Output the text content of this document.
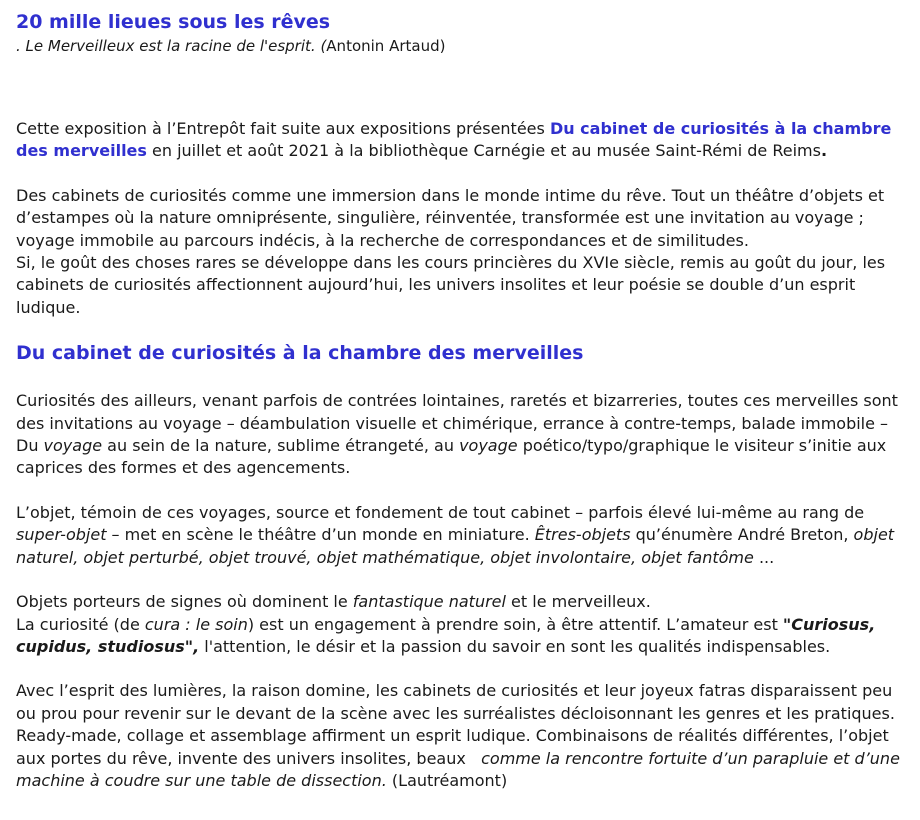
20 mille lieues sous les rêves

. Le Merveilleux est la racine de l'esprit. (Antonin Artaud)

Cette exposition à l’Entrepôt fait suite aux expositions présentées Du cabinet de curiosités à la chambre des merveilles en juillet et août 2021 à la bibliothèque Carnégie et au musée Saint-Rémi de Reims.

Des cabinets de curiosités comme une immersion dans le monde intime du rêve. Tout un théâtre d’objets et d’estampes où la nature omniprésente, singulière, réinventée, transformée est une invitation au voyage ; voyage immobile au parcours indécis, à la recherche de correspondances et de similitudes.
Si, le goût des choses rares se développe dans les cours princières du XVIe siècle, remis au goût du jour, les cabinets de curiosités affectionnent aujourd’hui, les univers insolites et leur poésie se double d’un esprit ludique.

Du cabinet de curiosités à la chambre des merveilles

Curiosités des ailleurs, venant parfois de contrées lointaines, raretés et bizarreries, toutes ces merveilles sont des invitations au voyage – déambulation visuelle et chimérique, errance à contre-temps, balade immobile – Du voyage au sein de la nature, sublime étrangeté, au voyage poético/typo/graphique le visiteur s’initie aux caprices des formes et des agencements.

L’objet, témoin de ces voyages, source et fondement de tout cabinet – parfois élevé lui-même au rang de super-objet – met en scène le théâtre d’un monde en miniature. Êtres-objets qu’énumère André Breton, objet naturel, objet perturbé, objet trouvé, objet mathématique, objet involontaire, objet fantôme ...

Objets porteurs de signes où dominent le fantastique naturel et le merveilleux.
La curiosité (de cura : le soin) est un engagement à prendre soin, à être attentif. L’amateur est "Curiosus, cupidus, studiosus", l'attention, le désir et la passion du savoir en sont les qualités indispensables.

Avec l’esprit des lumières, la raison domine, les cabinets de curiosités et leur joyeux fatras disparaissent peu ou prou pour revenir sur le devant de la scène avec les surréalistes décloisonnant les genres et les pratiques. Ready-made, collage et assemblage affirment un esprit ludique. Combinaisons de réalités différentes, l’objet aux portes du rêve, invente des univers insolites, beaux   comme la rencontre fortuite d’un parapluie et d’une machine à coudre sur une table de dissection. (Lautréamont)
